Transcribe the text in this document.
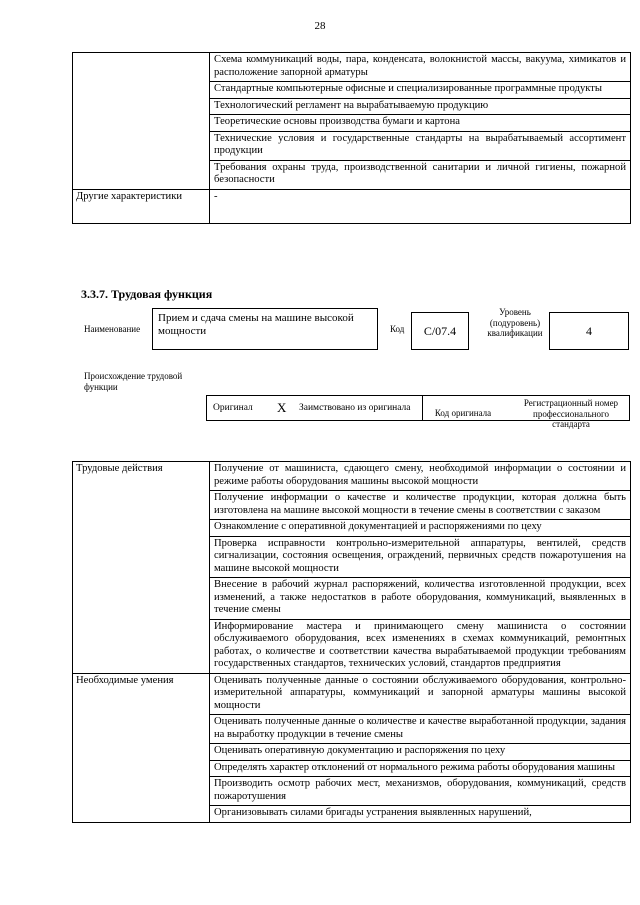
28
	Схема коммуникаций воды, пара, конденсата, волокнистой массы, вакуума, химикатов и расположение запорной арматуры
	Стандартные компьютерные офисные и специализированные программные продукты
	Технологический регламент на вырабатываемую продукцию
	Теоретические основы производства бумаги и картона
	Технические условия и государственные стандарты на вырабатываемый ассортимент продукции
	Требования охраны труда, производственной санитарии и личной гигиены, пожарной безопасности
Другие характеристики	-
3.3.7. Трудовая функция
Наименование
Прием и сдача смены на машине высокой мощности	Код	С/07.4
Уровень (подуровень) квалификации	4
Происхождение трудовой функции
Оригинал Х Заимствовано из оригинала	Код оригинала
Регистрационный номер профессионального стандарта
Трудовые действия	Получение от машиниста, сдающего смену, необходимой информации о состоянии и режиме работы оборудования машины высокой мощности
	Получение информации о качестве и количестве продукции, которая должна быть изготовлена на машине высокой мощности в течение смены в соответствии с заказом
	Ознакомление с оперативной документацией и распоряжениями по цеху
	Проверка исправности контрольно-измерительной аппаратуры, вентилей, средств сигнализации, состояния освещения, ограждений, первичных средств пожаротушения на машине высокой мощности
	Внесение в рабочий журнал распоряжений, количества изготовленной продукции, всех изменений, а также недостатков в работе оборудования, коммуникаций, выявленных в течение смены
	Информирование мастера и принимающего смену машиниста о состоянии обслуживаемого оборудования, всех изменениях в схемах коммуникаций, ремонтных работах, о количестве и соответствии качества вырабатываемой продукции требованиям государственных стандартов, технических условий, стандартов предприятия
Необходимые умения	Оценивать полученные данные о состоянии обслуживаемого оборудования, контрольно-измерительной аппаратуры, коммуникаций и запорной арматуры машины высокой мощности
	Оценивать полученные данные о количестве и качестве выработанной продукции, задания на выработку продукции в течение смены
	Оценивать оперативную документацию и распоряжения по цеху
	Определять характер отклонений от нормального режима работы оборудования машины
	Производить осмотр рабочих мест, механизмов, оборудования, коммуникаций, средств пожаротушения
	Организовывать силами бригады устранения выявленных нарушений,
